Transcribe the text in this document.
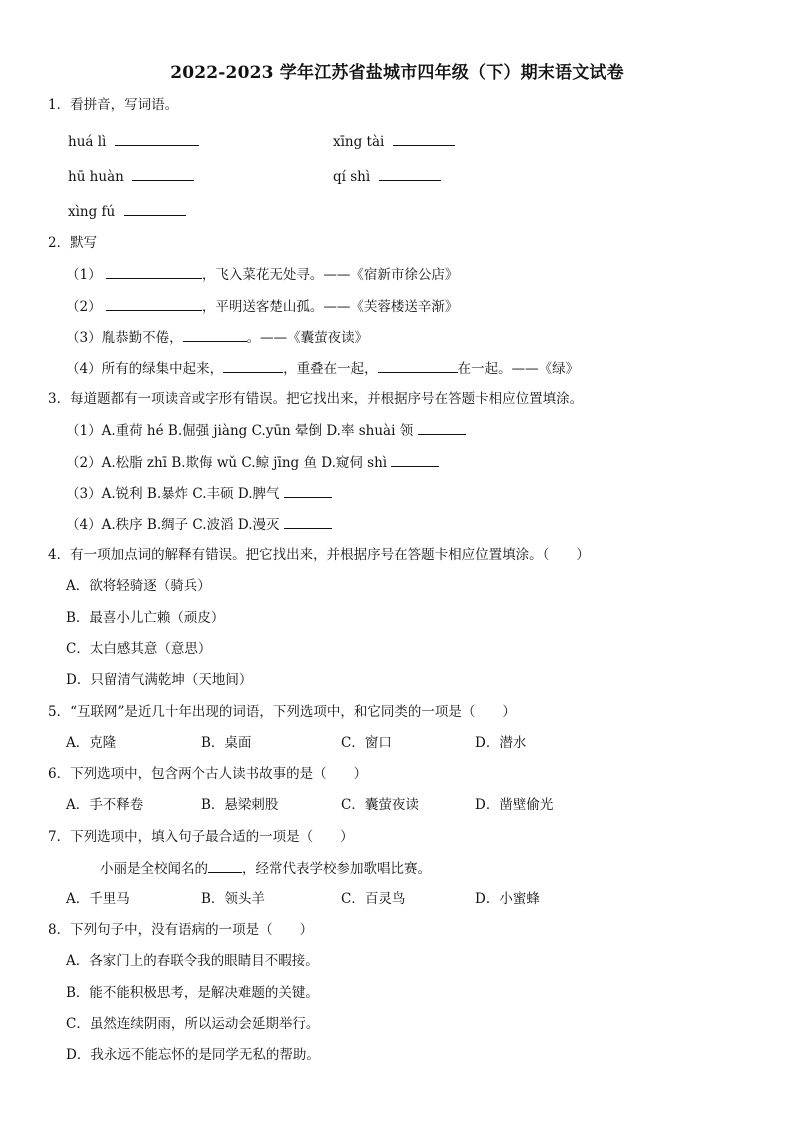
2022-2023 学年江苏省盐城市四年级（下）期末语文试卷
1．看拼音，写词语。
huá lì	xīng tài
hū huàn	qí shì
xìng fú
2．默写
（1）	，飞入菜花无处寻。——《宿新市徐公店》
（2）	，平明送客楚山孤。——《芙蓉楼送辛渐》
（3）胤恭勤不倦，	。——《囊萤夜读》
（4）所有的绿集中起来，	，重叠在一起，	在一起。——《绿》
3．每道题都有一项读音或字形有错误。把它找出来，并根据序号在答题卡相应位置填涂。
（1）A.重荷 hé B.倔强 jiàng C.yūn 晕倒 D.率 shuài 领
（2）A.松脂 zhī B.欺侮 wǔ C.鲸 jīng 鱼 D.窥伺 shì
（3）A.锐利 B.暴炸 C.丰硕 D.脾气
（4）A.秩序 B.绸子 C.波滔 D.漫灭
4．有一项加点词的解释有错误。把它找出来，并根据序号在答题卡相应位置填涂。（　　）
A．欲将轻骑逐（骑兵）
B．最喜小儿亡赖（顽皮）
C．太白感其意（意思）
D．只留清气满乾坤（天地间）
5．“互联网”是近几十年出现的词语，下列选项中，和它同类的一项是（　　）
A．克隆	B．桌面	C．窗口	D．潜水
6．下列选项中，包含两个古人读书故事的是（　　）
A．手不释卷	B．悬梁刺股	C．囊萤夜读	D．凿壁偷光
7．下列选项中，填入句子最合适的一项是（　　）
小丽是全校闻名的	，经常代表学校参加歌唱比赛。
A．千里马	B．领头羊	C．百灵鸟	D．小蜜蜂
8．下列句子中，没有语病的一项是（　　）
A．各家门上的春联令我的眼睛目不暇接。
B．能不能积极思考，是解决难题的关键。
C．虽然连续阴雨，所以运动会延期举行。
D．我永远不能忘怀的是同学无私的帮助。
